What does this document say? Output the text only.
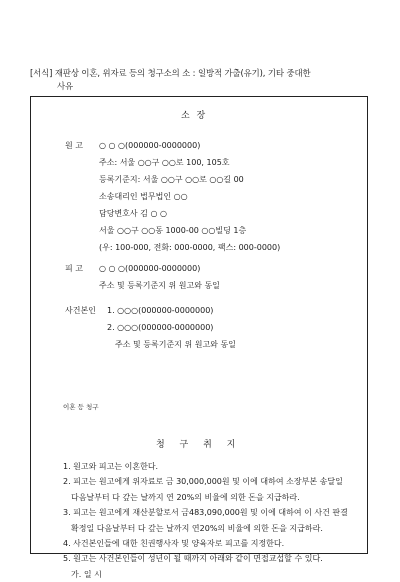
[서식] 재판상 이혼, 위자료 등의 청구소의 소 : 일방적 가출(유기), 기타 중대한
사유
소 장
원 고 ○ ○ ○(000000-0000000)
주소: 서울 ○○구 ○○로 100, 105호
등록기준지: 서울 ○○구 ○○로 ○○길 00
소송대리인 법무법인 ○○
담당변호사 김 ○ ○
서울 ○○구 ○○동 1000-00 ○○빌딩 1층
(우: 100-000, 전화: 000-0000, 팩스: 000-0000)
피 고 ○ ○ ○(000000-0000000)
주소 및 등록기준지 위 원고와 동일
사건본인 1. ○○○(000000-0000000)
2. ○○○(000000-0000000)
주소 및 등록기준지 위 원고와 동일
이혼 등 청구
청 구 취 지
1. 원고와 피고는 이혼한다.
2. 피고는 원고에게 위자료로 금 30,000,000원 및 이에 대하여 소장부본 송달일
다음날부터 다 갚는 날까지 연 20%의 비율에 의한 돈을 지급하라.
3. 피고는 원고에게 재산분할로서 금483,090,000원 및 이에 대하여 이 사건 판결
확정일 다음날부터 다 갚는 날까지 연20%의 비율에 의한 돈을 지급하라.
4. 사건본인들에 대한 친권행사자 및 양육자로 피고를 지정한다.
5. 원고는 사건본인들이 성년이 될 때까지 아래와 같이 면접교섭할 수 있다.
가. 일 시
